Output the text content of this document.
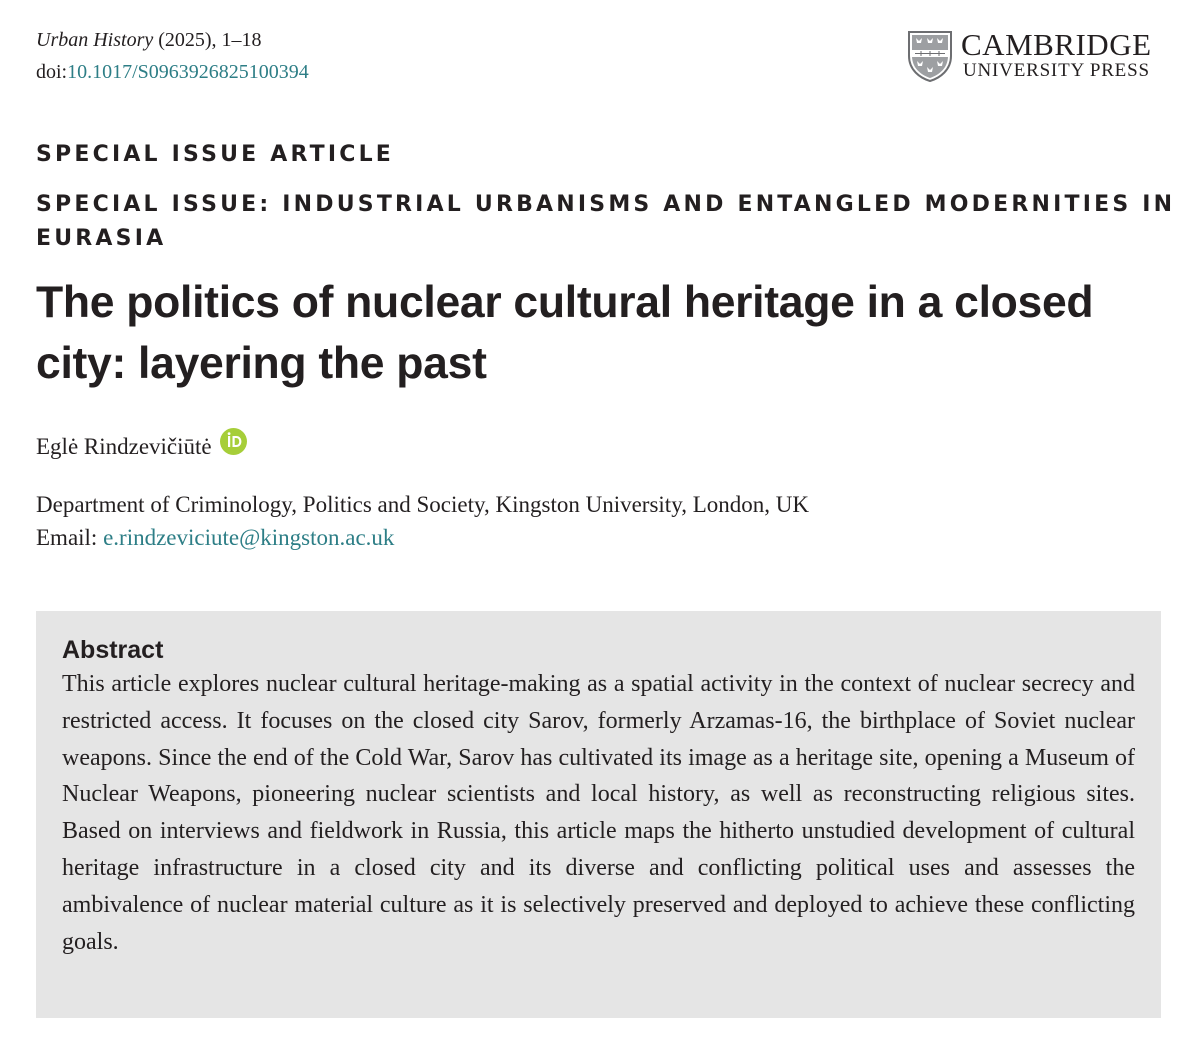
Urban History (2025), 1–18
doi:10.1017/S0963926825100394
CAMBRIDGE
UNIVERSITY PRESS
SPECIAL ISSUE ARTICLE
SPECIAL ISSUE: INDUSTRIAL URBANISMS AND ENTANGLED MODERNITIES IN EURASIA
The politics of nuclear cultural heritage in a closed city: layering the past
Eglė Rindzevičiūtė
Department of Criminology, Politics and Society, Kingston University, London, UK
Email: e.rindzeviciute@kingston.ac.uk
Abstract

This article explores nuclear cultural heritage-making as a spatial activity in the context of nuclear secrecy and restricted access. It focuses on the closed city Sarov, formerly Arzamas-16, the birthplace of Soviet nuclear weapons. Since the end of the Cold War, Sarov has cultivated its image as a heritage site, opening a Museum of Nuclear Weapons, pioneering nuclear scientists and local history, as well as reconstructing religious sites. Based on interviews and fieldwork in Russia, this article maps the hitherto unstudied development of cultural heritage infrastructure in a closed city and its diverse and conflicting political uses and assesses the ambivalence of nuclear material culture as it is selectively preserved and deployed to achieve these conflicting goals.
